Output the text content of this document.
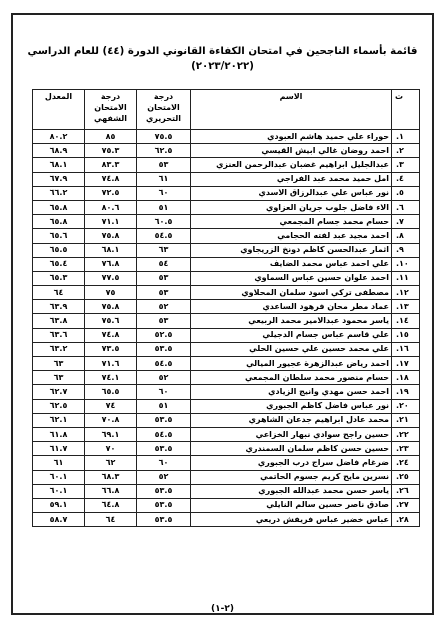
قائمة بأسماء الناجحين في امتحان الكفاءة القانوني الدورة (٤٤) للعام الدراسي
(٢٠٢٣/٢٠٢٢)
ت	الاسم	درجة الامتحان التحريري	درجة الامتحان الشفهي	المعدل
١.	حوراء علي حميد هاشم العبودي	٧٥.٥	٨٥	٨٠.٢
٢.	احمد روضان غالي ابيش القيسي	٦٢.٥	٧٥.٣	٦٨.٩
٣.	عبدالجليل ابراهيم غضبان عبدالرحمن العنزي	٥٣	٨٣.٣	٦٨.١
٤.	امل حميد محمد عبد الفراجي	٦١	٧٤.٨	٦٧.٩
٥.	نور عباس علي عبدالرزاق الاسدي	٦٠	٧٢.٥	٦٦.٢
٦.	الاء فاضل جلوب جريان العزاوي	٥١	٨٠.٦	٦٥.٨
٧.	حسام محمد جسام المجمعي	٦٠.٥	٧١.١	٦٥.٨
٨.	احمد مجيد عبد لفته الحجامي	٥٤.٥	٧٥.٨	٦٥.٦
٩.	اثمار عبدالحسن كاظم دونخ الزريجاوي	٦٣	٦٨.١	٦٥.٥
١٠.	علي احمد عباس محمد الضايف	٥٤	٧٦.٨	٦٥.٤
١١.	احمد علوان حسين عباس السماوي	٥٣	٧٧.٥	٦٥.٣
١٢.	مصطفى تركي اسود سلمان المحلاوي	٥٣	٧٥	٦٤
١٣.	عماد مطر محان فرهود الساعدي	٥٢	٧٥.٨	٦٣.٩
١٤.	ياسر محمود عبدالامير محمد الربيعي	٥٣	٧٥.٦	٦٣.٨
١٥.	علي قاسم عباس جسام الدجيلي	٥٢.٥	٧٤.٨	٦٣.٦
١٦.	علي محمد حسين علي حسين الحلي	٥٣.٥	٧٣.٥	٦٣.٢
١٧.	احمد رياض عبدالزهرة عجيور الميالي	٥٤.٥	٧١.٦	٦٣
١٨.	حسام منصور محمد سلطان المجمعي	٥٢	٧٤.١	٦٣
١٩.	احمد حسن مهدي وانيج الزيادي	٦٠	٦٥.٥	٦٢.٧
٢٠.	نور عباس فاضل كاظم الجبوري	٥١	٧٤	٦٢.٥
٢١.	محمد عادل ابراهيم جدعان الشاهري	٥٣.٥	٧٠.٨	٦٢.١
٢٢.	حسين راجح سوادي نبهار الخزاعي	٥٤.٥	٦٩.١	٦١.٨
٢٣.	حسين حسن كاظم سلمان السمندري	٥٣.٥	٧٠	٦١.٧
٢٤.	ضرغام فاضل سراج درب الجبوري	٦٠	٦٢	٦١
٢٥.	نسرين مايح كريم جسوم الحاتمي	٥٢	٦٨.٣	٦٠.١
٢٦.	ياسر حسن محمد عبدالله الجبوري	٥٣.٥	٦٦.٨	٦٠.١
٢٧.	صادق ناصر حسين سالم النايلي	٥٣.٥	٦٤.٨	٥٩.١
٢٨.	عباس خضير عباس فريفش دريعي	٥٣.٥	٦٤	٥٨.٧
(٢-١)
